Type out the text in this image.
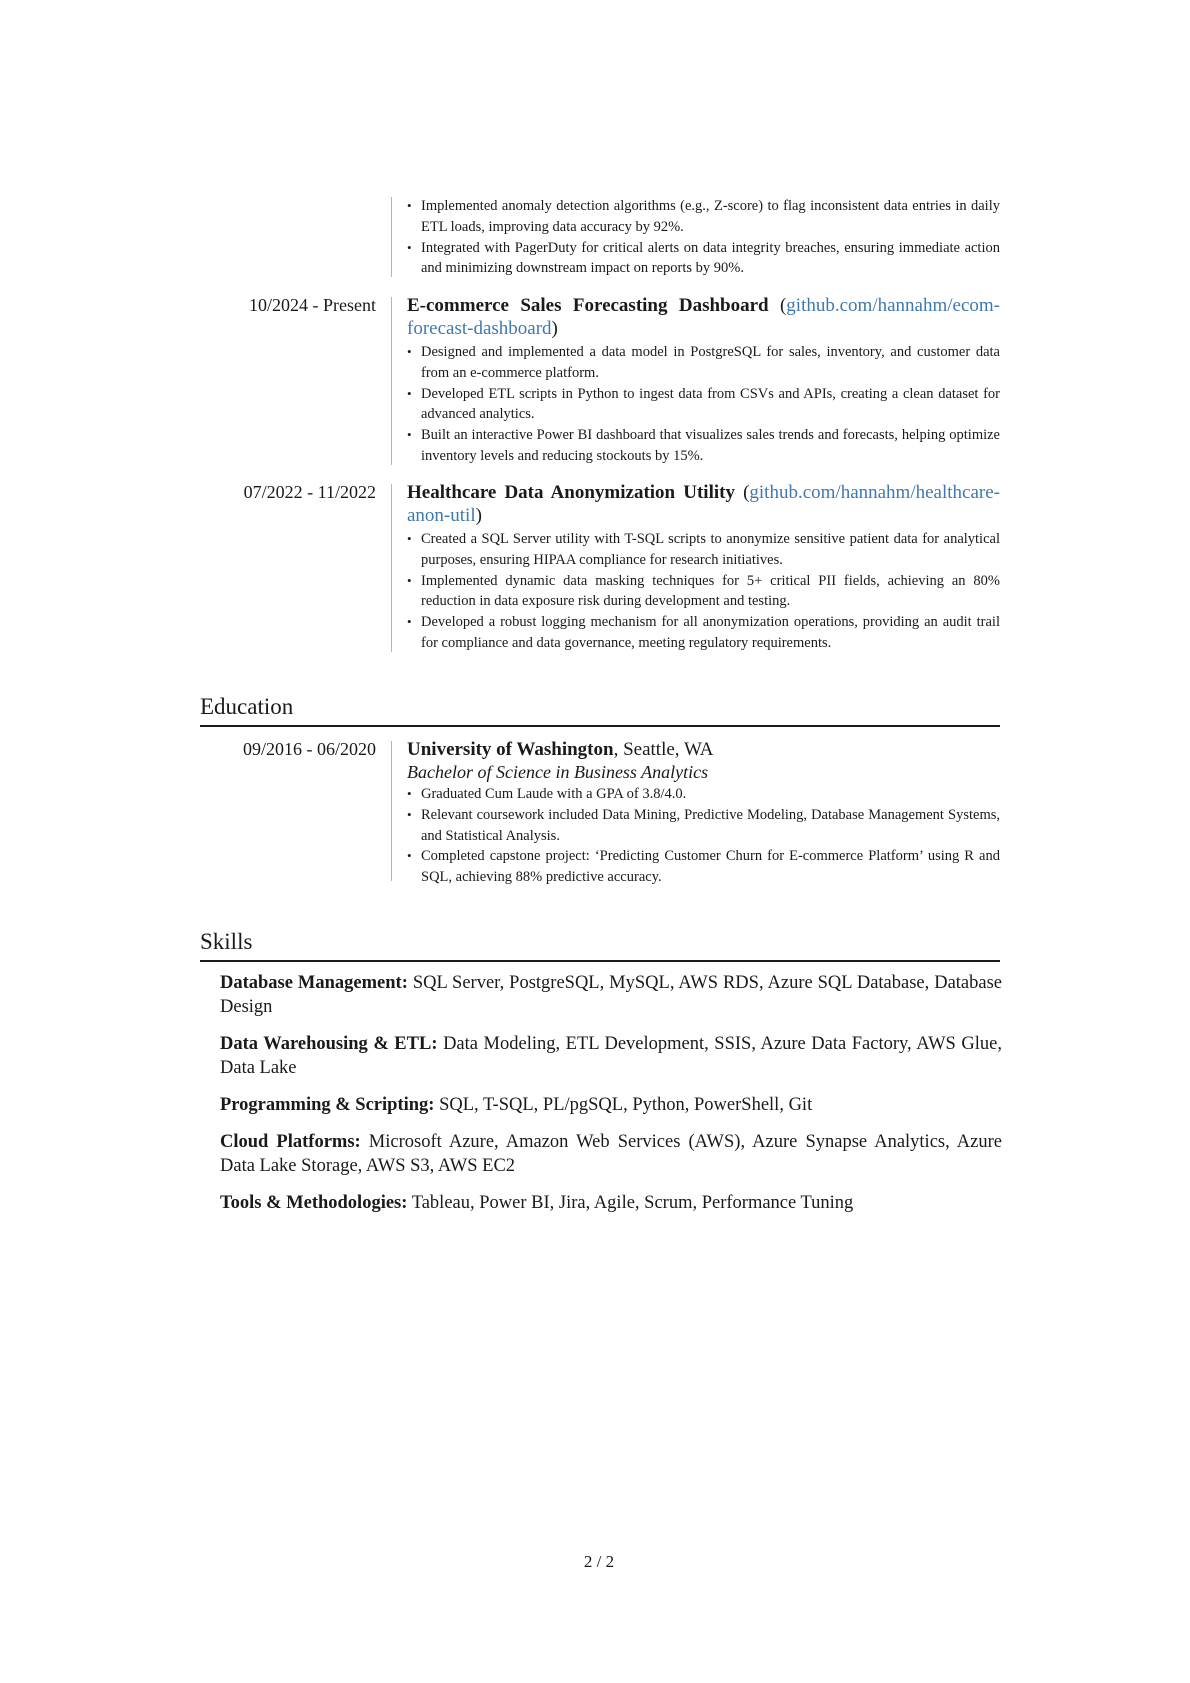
• Implemented anomaly detection algorithms (e.g., Z-score) to flag inconsistent data entries in daily ETL loads, improving data accuracy by 92%.
• Integrated with PagerDuty for critical alerts on data integrity breaches, ensuring immediate action and minimizing downstream impact on reports by 90%.
10/2024 - Present E-commerce Sales Forecasting Dashboard (github.com/hannahm/ecom-forecast-dashboard)
• Designed and implemented a data model in PostgreSQL for sales, inventory, and customer data from an e-commerce platform.
• Developed ETL scripts in Python to ingest data from CSVs and APIs, creating a clean dataset for advanced analytics.
• Built an interactive Power BI dashboard that visualizes sales trends and forecasts, helping optimize inventory levels and reducing stockouts by 15%.
07/2022 - 11/2022 Healthcare Data Anonymization Utility (github.com/hannahm/healthcare-anon-util)
• Created a SQL Server utility with T-SQL scripts to anonymize sensitive patient data for analytical purposes, ensuring HIPAA compliance for research initiatives.
• Implemented dynamic data masking techniques for 5+ critical PII fields, achieving an 80% reduction in data exposure risk during development and testing.
• Developed a robust logging mechanism for all anonymization operations, providing an audit trail for compliance and data governance, meeting regulatory requirements.
Education
09/2016 - 06/2020 University of Washington, Seattle, WA
Bachelor of Science in Business Analytics
• Graduated Cum Laude with a GPA of 3.8/4.0.
• Relevant coursework included Data Mining, Predictive Modeling, Database Management Systems, and Statistical Analysis.
• Completed capstone project: ‘Predicting Customer Churn for E-commerce Platform’ using R and SQL, achieving 88% predictive accuracy.
Skills
Database Management: SQL Server, PostgreSQL, MySQL, AWS RDS, Azure SQL Database, Database Design
Data Warehousing & ETL: Data Modeling, ETL Development, SSIS, Azure Data Factory, AWS Glue, Data Lake
Programming & Scripting: SQL, T-SQL, PL/pgSQL, Python, PowerShell, Git
Cloud Platforms: Microsoft Azure, Amazon Web Services (AWS), Azure Synapse Analytics, Azure Data Lake Storage, AWS S3, AWS EC2
Tools & Methodologies: Tableau, Power BI, Jira, Agile, Scrum, Performance Tuning
2 / 2
